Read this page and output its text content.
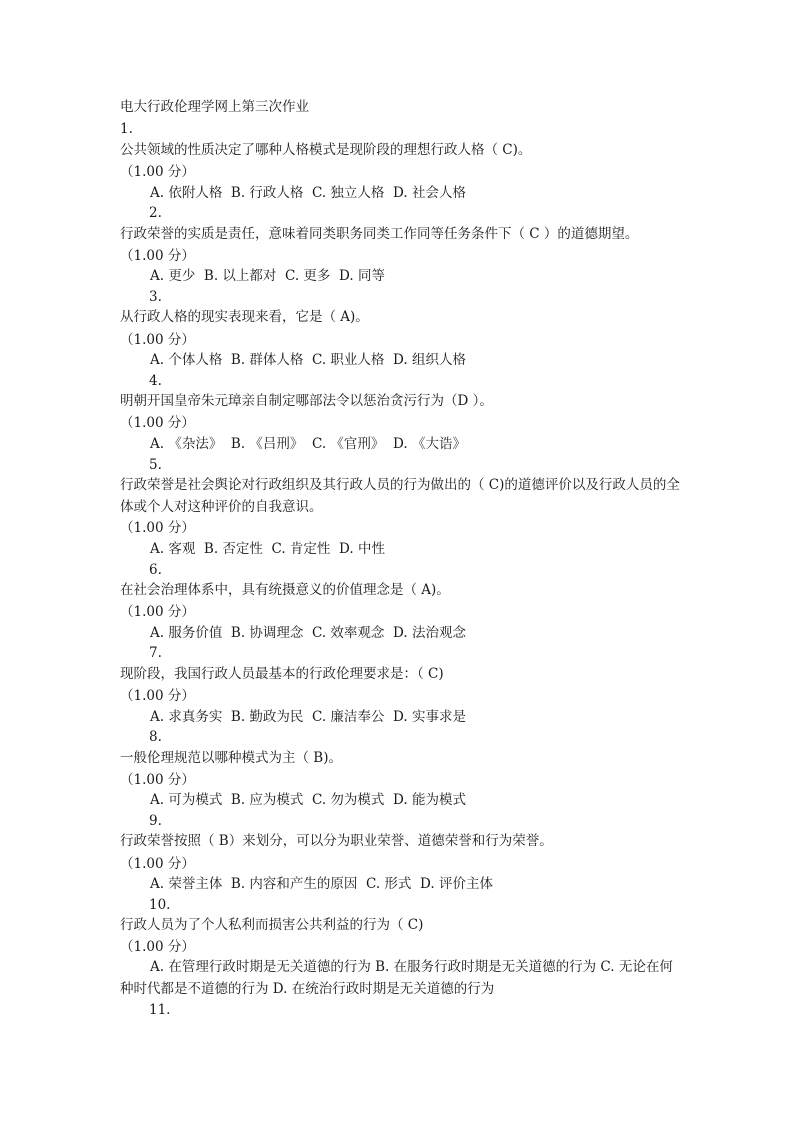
电大行政伦理学网上第三次作业
1.
公共领域的性质决定了哪种人格模式是现阶段的理想行政人格（ C)。
（1.00 分）
A. 依附人格  B. 行政人格  C. 独立人格  D. 社会人格
2.
行政荣誉的实质是责任，意味着同类职务同类工作同等任务条件下（ C ）的道德期望。
（1.00 分）
A. 更少  B. 以上都对  C. 更多  D. 同等
3.
从行政人格的现实表现来看，它是（ A)。
（1.00 分）
A. 个体人格  B. 群体人格  C. 职业人格  D. 组织人格
4.
明朝开国皇帝朱元璋亲自制定哪部法令以惩治贪污行为（D ）。
（1.00 分）
A. 《杂法》  B. 《吕刑》  C. 《官刑》  D. 《大诰》
5.
行政荣誉是社会舆论对行政组织及其行政人员的行为做出的（ C)的道德评价以及行政人员的全体或个人对这种评价的自我意识。
（1.00 分）
A. 客观  B. 否定性  C. 肯定性  D. 中性
6.
在社会治理体系中，具有统摄意义的价值理念是（ A)。
（1.00 分）
A. 服务价值  B. 协调理念  C. 效率观念  D. 法治观念
7.
现阶段，我国行政人员最基本的行政伦理要求是：（ C)
（1.00 分）
A. 求真务实  B. 勤政为民  C. 廉洁奉公  D. 实事求是
8.
一般伦理规范以哪种模式为主（ B)。
（1.00 分）
A. 可为模式  B. 应为模式  C. 勿为模式  D. 能为模式
9.
行政荣誉按照（ B）来划分，可以分为职业荣誉、道德荣誉和行为荣誉。
（1.00 分）
A. 荣誉主体  B. 内容和产生的原因  C. 形式  D. 评价主体
10.
行政人员为了个人私利而损害公共利益的行为（ C)
（1.00 分）
A. 在管理行政时期是无关道德的行为 B. 在服务行政时期是无关道德的行为 C. 无论在何种时代都是不道德的行为 D. 在统治行政时期是无关道德的行为
11.
